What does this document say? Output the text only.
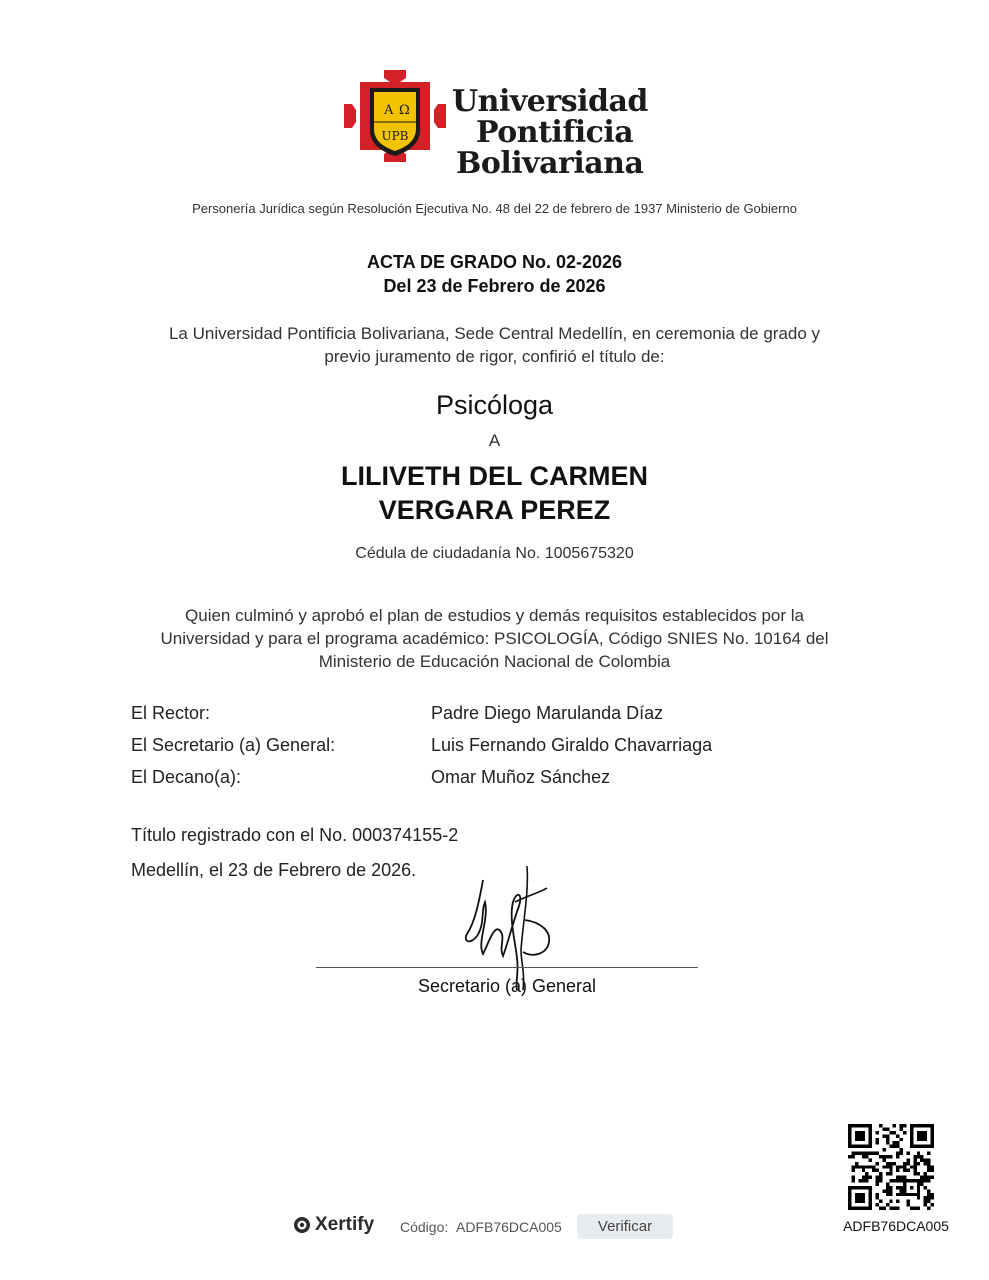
A Ω
UPB
Universidad
Pontificia
Bolivariana
Personería Jurídica según Resolución Ejecutiva No. 48 del 22 de febrero de 1937 Ministerio de Gobierno
ACTA DE GRADO No. 02-2026
Del 23 de Febrero de 2026
La Universidad Pontificia Bolivariana, Sede Central Medellín, en ceremonia de grado y
previo juramento de rigor, confirió el título de:
Psicóloga
A
LILIVETH DEL CARMEN
VERGARA PEREZ
Cédula de ciudadanía No. 1005675320
Quien culminó y aprobó el plan de estudios y demás requisitos establecidos por la
Universidad y para el programa académico: PSICOLOGÍA, Código SNIES No. 10164 del
Ministerio de Educación Nacional de Colombia
El Rector:	Padre Diego Marulanda Díaz
El Secretario (a) General:	Luis Fernando Giraldo Chavarriaga
El Decano(a):	Omar Muñoz Sánchez
Título registrado con el No. 000374155-2
Medellín, el 23 de Febrero de 2026.
Secretario (a) General
Xertify Código: ADFB76DCA005	Verificar	ADFB76DCA005
